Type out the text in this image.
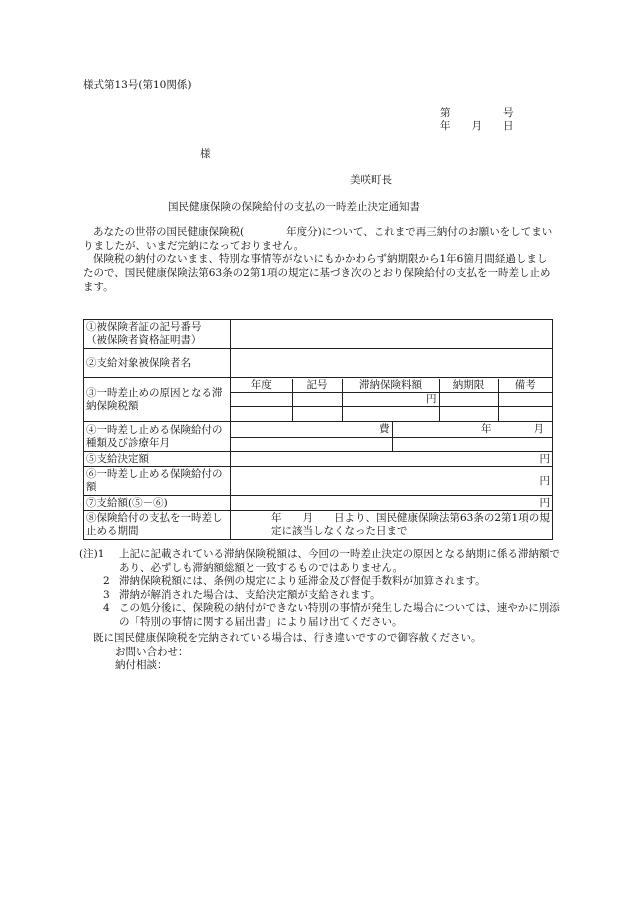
様式第13号(第10関係)
第　　　　　号
年　　月　　日
様
美咲町長
国民健康保険の保険給付の支払の一時差止決定通知書
あなたの世帯の国民健康保険税(　　　　年度分)について、これまで再三納付のお願いをしてまいりましたが、いまだ完納になっておりません。
保険税の納付のないまま、特別な事情等がないにもかかわらず納期限から1年6箇月間経過しましたので、国民健康保険法第63条の2第1項の規定に基づき次のとおり保険給付の支払を一時差し止めます。
①被保険者証の記号番号
（被保険者資格証明書）	
②支給対象被保険者名	
③一時差止めの原因となる滞納保険税額	
年度	記号	滞納保険料額	納期限	備考
		円		

④一時差し止める保険給付の種類及び診療年月	
費	年　　　　月

⑤支給決定額	円
⑥一時差し止める保険給付の額	円
⑦支給額(⑤－⑥)	円
⑧保険給付の支払を一時差し止める期間	年　　月　　日より、国民健康保険法第63条の2第1項の規定に該当しなくなった日まで
(注)1 上記に記載されている滞納保険税額は、今回の一時差止決定の原因となる納期に係る滞納額であり、必ずしも滞納額総額と一致するものではありません。
2 滞納保険税額には、条例の規定により延滞金及び督促手数料が加算されます。
3 滞納が解消された場合は、支給決定額が支給されます。
4 この処分後に、保険税の納付ができない特別の事情が発生した場合については、速やかに別添の「特別の事情に関する届出書」により届け出てください。
既に国民健康保険税を完納されている場合は、行き違いですので御容赦ください。
お問い合わせ：
納付相談：
